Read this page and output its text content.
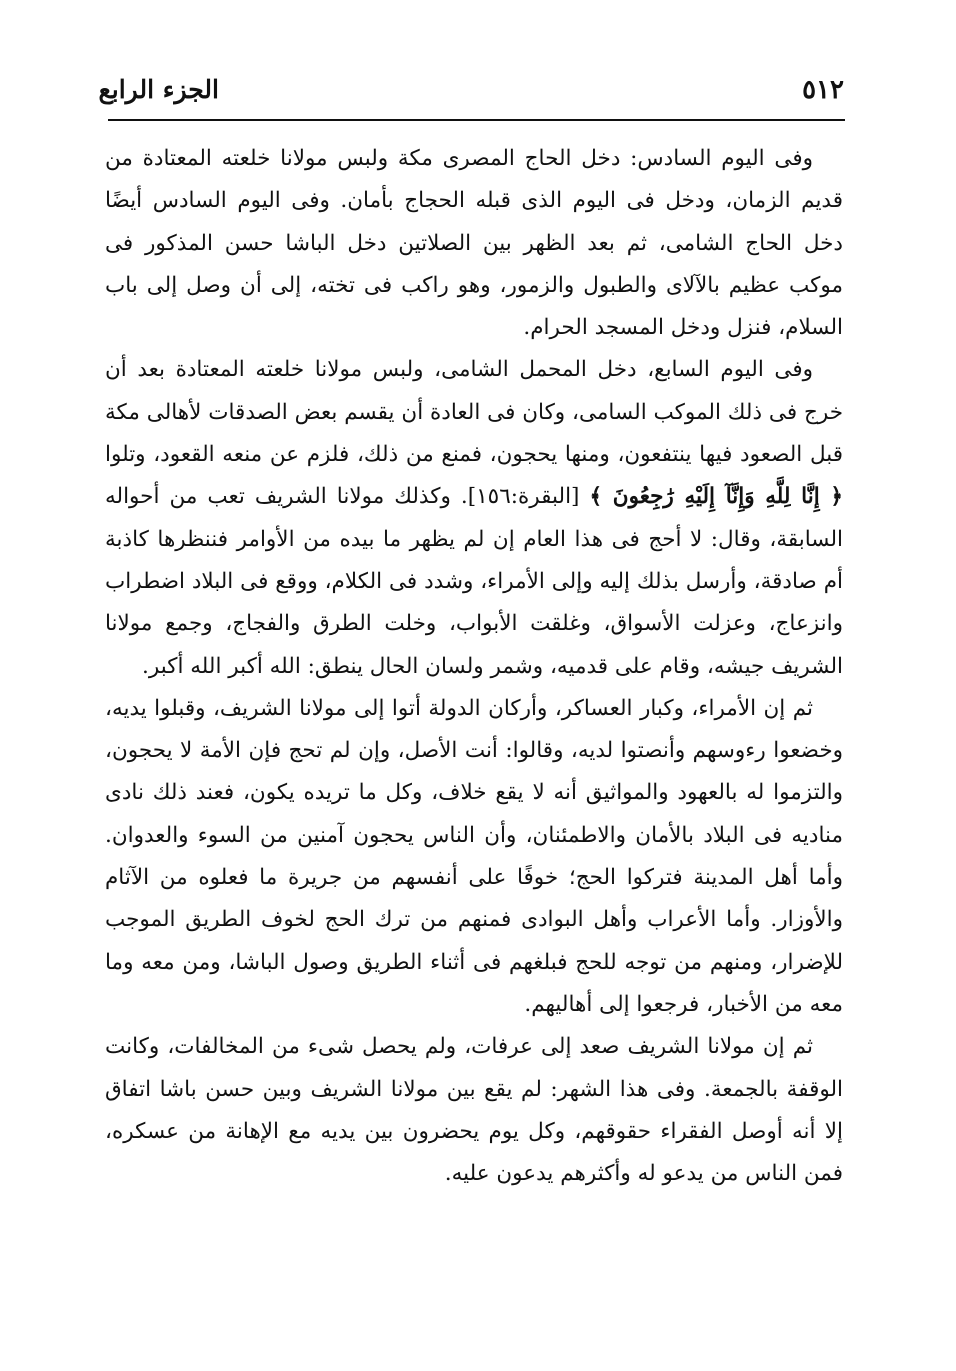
٥١٢
الجزء الرابع

وفى اليوم السادس: دخل الحاج المصرى مكة ولبس مولانا خلعته المعتادة من قديم الزمان، ودخل فى اليوم الذى قبله الحجاج بأمان. وفى اليوم السادس أيضًا دخل الحاج الشامى، ثم بعد الظهر بين الصلاتين دخل الباشا حسن المذكور فى موكب عظيم بالآلاى والطبول والزمور، وهو راكب فى تخته، إلى أن وصل إلى باب السلام، فنزل ودخل المسجد الحرام.

وفى اليوم السابع، دخل المحمل الشامى، ولبس مولانا خلعته المعتادة بعد أن خرج فى ذلك الموكب السامى، وكان فى العادة أن يقسم بعض الصدقات لأهالى مكة قبل الصعود فيها ينتفعون، ومنها يحجون، فمنع من ذلك، فلزم عن منعه القعود، وتلوا ﴿ إِنَّا لِلَّهِ وَإِنَّآ إِلَيْهِ رَٰجِعُونَ ﴾ [البقرة:١٥٦]. وكذلك مولانا الشريف تعب من أحواله السابقة، وقال: لا أحج فى هذا العام إن لم يظهر ما بيده من الأوامر فننظرها كاذبة أم صادقة، وأرسل بذلك إليه وإلى الأمراء، وشدد فى الكلام، ووقع فى البلاد اضطراب وانزعاج، وعزلت الأسواق، وغلقت الأبواب، وخلت الطرق والفجاج، وجمع مولانا الشريف جيشه، وقام على قدميه، وشمر ولسان الحال ينطق: الله أكبر الله أكبر.

ثم إن الأمراء، وكبار العساكر، وأركان الدولة أتوا إلى مولانا الشريف، وقبلوا يديه، وخضعوا رءوسهم وأنصتوا لديه، وقالوا: أنت الأصل، وإن لم تحج فإن الأمة لا يحجون، والتزموا له بالعهود والمواثيق أنه لا يقع خلاف، وكل ما تريده يكون، فعند ذلك نادى مناديه فى البلاد بالأمان والاطمئنان، وأن الناس يحجون آمنين من السوء والعدوان. وأما أهل المدينة فتركوا الحج؛ خوفًا على أنفسهم من جريرة ما فعلوه من الآثام والأوزار. وأما الأعراب وأهل البوادى فمنهم من ترك الحج لخوف الطريق الموجب للإضرار، ومنهم من توجه للحج فبلغهم فى أثناء الطريق وصول الباشا، ومن معه وما معه من الأخبار، فرجعوا إلى أهاليهم.

ثم إن مولانا الشريف صعد إلى عرفات، ولم يحصل شىء من المخالفات، وكانت الوقفة بالجمعة. وفى هذا الشهر: لم يقع بين مولانا الشريف وبين حسن باشا اتفاق إلا أنه أوصل الفقراء حقوقهم، وكل يوم يحضرون بين يديه مع الإهانة من عسكره، فمن الناس من يدعو له وأكثرهم يدعون عليه.
